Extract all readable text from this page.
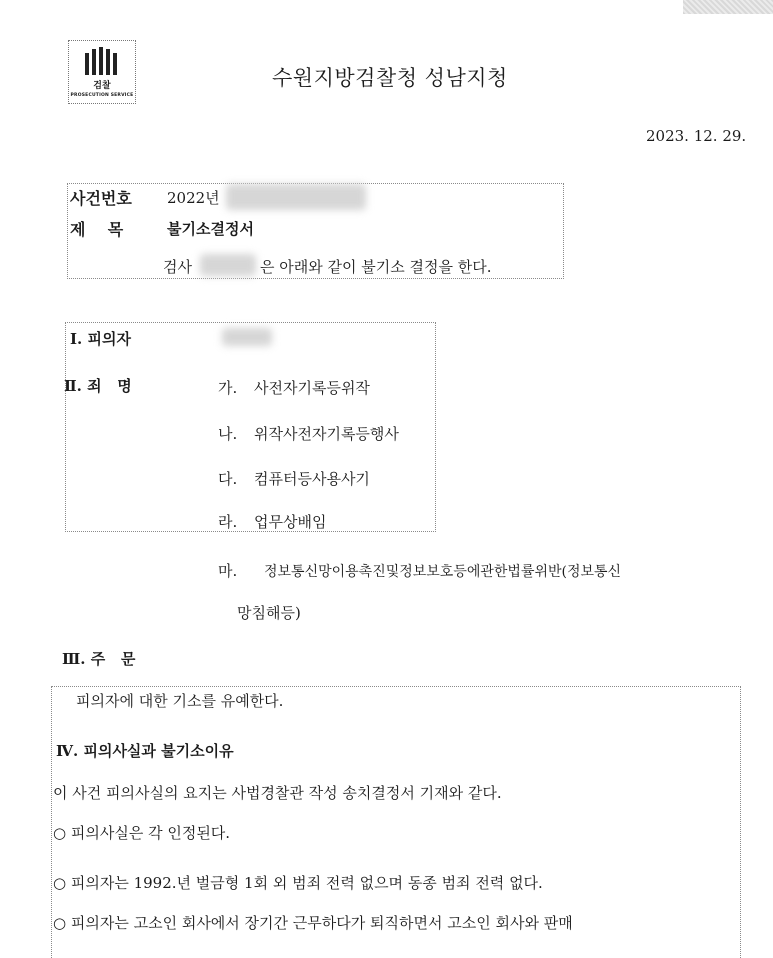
검찰
PROSECUTION SERVICE
수원지방검찰청 성남지청
2023. 12. 29.
사건번호 2022년
제    목	불기소결정서
검사	은 아래와 같이 불기소 결정을 한다.
Ⅰ. 피의자
Ⅱ. 죄   명	가. 사전자기록등위작
나. 위작사전자기록등행사
다. 컴퓨터등사용사기
라. 업무상배임
마. 정보통신망이용촉진및정보보호등에관한법률위반(정보통신
망침해등)
Ⅲ. 주   문
피의자에 대한 기소를 유예한다.
Ⅳ. 피의사실과 불기소이유
이 사건 피의사실의 요지는 사법경찰관 작성 송치결정서 기재와 같다.
○ 피의사실은 각 인정된다.
○ 피의자는 1992.년 벌금형 1회 외 범죄 전력 없으며 동종 범죄 전력 없다.
○ 피의자는 고소인 회사에서 장기간 근무하다가 퇴직하면서 고소인 회사와 판매
